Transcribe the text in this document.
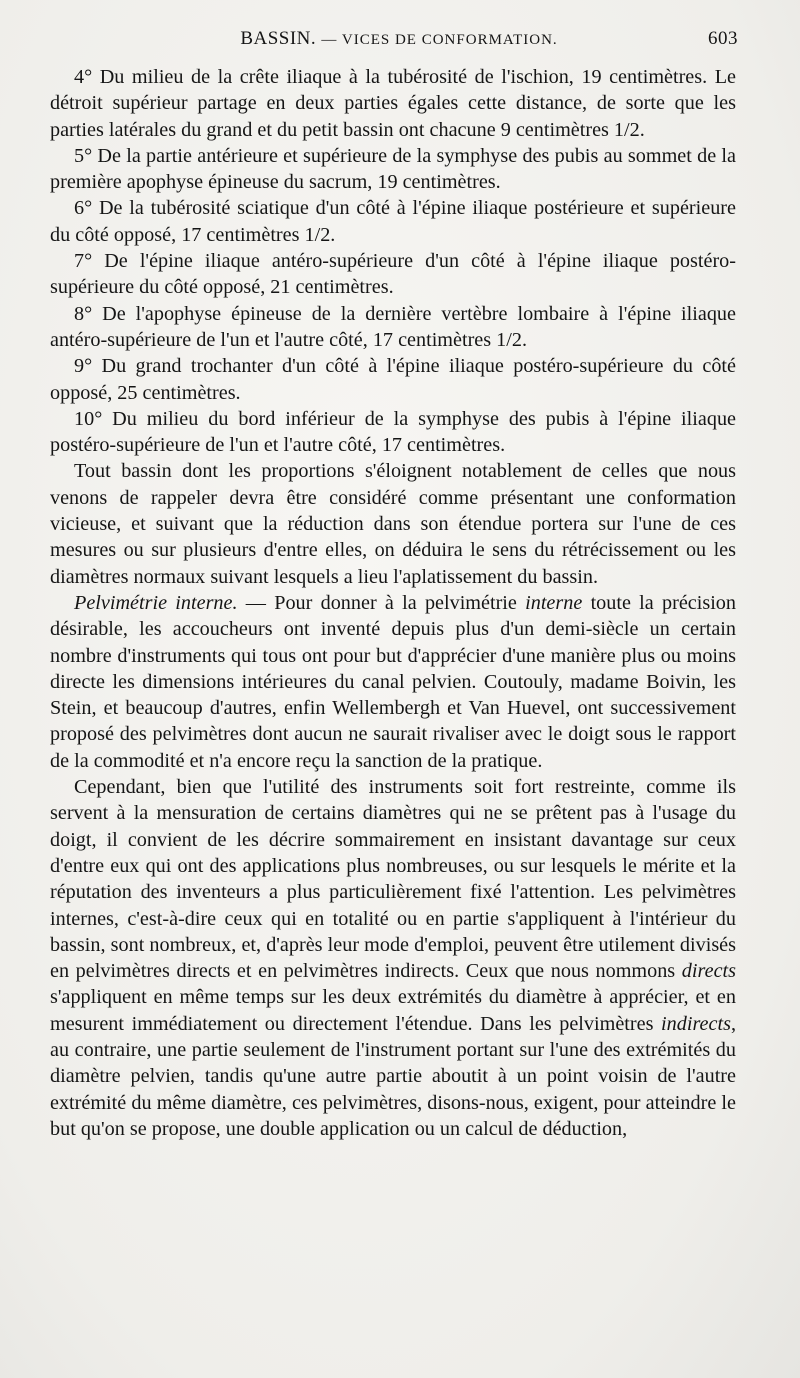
BASSIN. — VICES DE CONFORMATION.	603

4° Du milieu de la crête iliaque à la tubérosité de l'ischion, 19 centimètres. Le détroit supérieur partage en deux parties égales cette distance, de sorte que les parties latérales du grand et du petit bassin ont chacune 9 centimètres 1/2.

5° De la partie antérieure et supérieure de la symphyse des pubis au sommet de la première apophyse épineuse du sacrum, 19 centimètres.

6° De la tubérosité sciatique d'un côté à l'épine iliaque postérieure et supérieure du côté opposé, 17 centimètres 1/2.

7° De l'épine iliaque antéro-supérieure d'un côté à l'épine iliaque postéro-supérieure du côté opposé, 21 centimètres.

8° De l'apophyse épineuse de la dernière vertèbre lombaire à l'épine iliaque antéro-supérieure de l'un et l'autre côté, 17 centimètres 1/2.

9° Du grand trochanter d'un côté à l'épine iliaque postéro-supérieure du côté opposé, 25 centimètres.

10° Du milieu du bord inférieur de la symphyse des pubis à l'épine iliaque postéro-supérieure de l'un et l'autre côté, 17 centimètres.

Tout bassin dont les proportions s'éloignent notablement de celles que nous venons de rappeler devra être considéré comme présentant une conformation vicieuse, et suivant que la réduction dans son étendue portera sur l'une de ces mesures ou sur plusieurs d'entre elles, on déduira le sens du rétrécissement ou les diamètres normaux suivant lesquels a lieu l'aplatissement du bassin.

Pelvimétrie interne. — Pour donner à la pelvimétrie interne toute la précision désirable, les accoucheurs ont inventé depuis plus d'un demi-siècle un certain nombre d'instruments qui tous ont pour but d'apprécier d'une manière plus ou moins directe les dimensions intérieures du canal pelvien. Coutouly, madame Boivin, les Stein, et beaucoup d'autres, enfin Wellembergh et Van Huevel, ont successivement proposé des pelvimètres dont aucun ne saurait rivaliser avec le doigt sous le rapport de la commodité et n'a encore reçu la sanction de la pratique.

Cependant, bien que l'utilité des instruments soit fort restreinte, comme ils servent à la mensuration de certains diamètres qui ne se prêtent pas à l'usage du doigt, il convient de les décrire sommairement en insistant davantage sur ceux d'entre eux qui ont des applications plus nombreuses, ou sur lesquels le mérite et la réputation des inventeurs a plus particulièrement fixé l'attention. Les pelvimètres internes, c'est-à-dire ceux qui en totalité ou en partie s'appliquent à l'intérieur du bassin, sont nombreux, et, d'après leur mode d'emploi, peuvent être utilement divisés en pelvimètres directs et en pelvimètres indirects. Ceux que nous nommons directs s'appliquent en même temps sur les deux extrémités du diamètre à apprécier, et en mesurent immédiatement ou directement l'étendue. Dans les pelvimètres indirects, au contraire, une partie seulement de l'instrument portant sur l'une des extrémités du diamètre pelvien, tandis qu'une autre partie aboutit à un point voisin de l'autre extrémité du même diamètre, ces pelvimètres, disons-nous, exigent, pour atteindre le but qu'on se propose, une double application ou un calcul de déduction,
